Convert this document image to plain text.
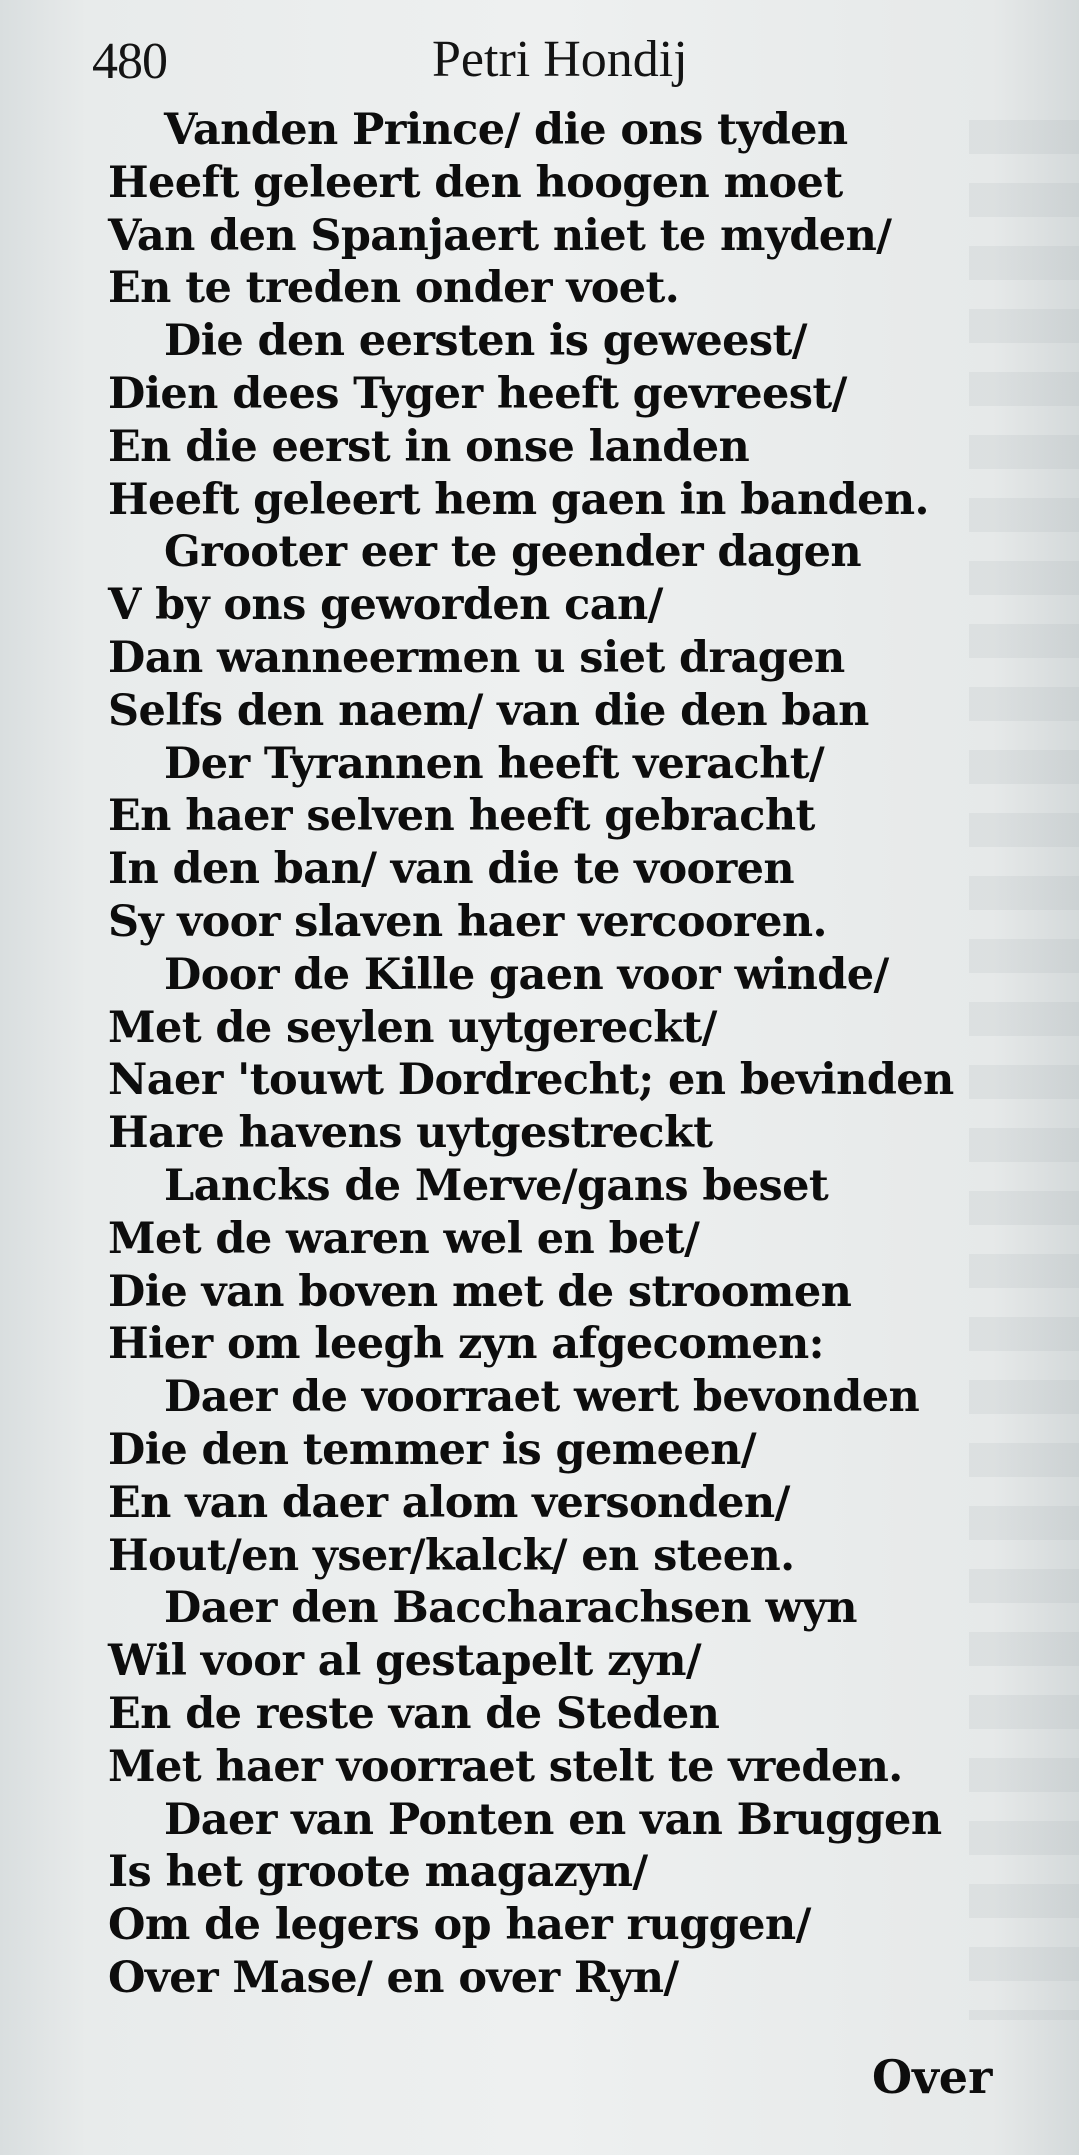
480	Petri Hondij
Vanden Prince/ die ons tyden
Heeft geleert den hoogen moet
Van den Spanjaert niet te myden/
En te treden onder voet.
Die den eersten is geweest/
Dien dees Tyger heeft gevreest/
En die eerst in onse landen
Heeft geleert hem gaen in banden.
Grooter eer te geender dagen
V by ons geworden can/
Dan wanneermen u siet dragen
Selfs den naem/ van die den ban
Der Tyrannen heeft veracht/
En haer selven heeft gebracht
In den ban/ van die te vooren
Sy voor slaven haer vercooren.
Door de Kille gaen voor winde/
Met de seylen uytgereckt/
Naer 'touwt Dordrecht; en bevinden
Hare havens uytgestreckt
Lancks de Merve/gans beset
Met de waren wel en bet/
Die van boven met de stroomen
Hier om leegh zyn afgecomen:
Daer de voorraet wert bevonden
Die den temmer is gemeen/
En van daer alom versonden/
Hout/en yser/kalck/ en steen.
Daer den Baccharachsen wyn
Wil voor al gestapelt zyn/
En de reste van de Steden
Met haer voorraet stelt te vreden.
Daer van Ponten en van Bruggen
Is het groote magazyn/
Om de legers op haer ruggen/
Over Mase/ en over Ryn/
Over
